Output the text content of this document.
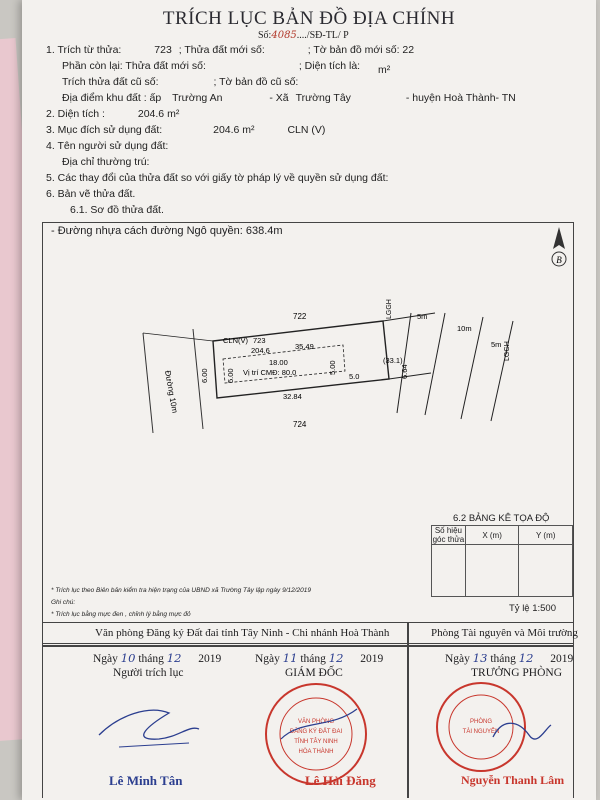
TRÍCH LỤC BẢN ĐỒ ĐỊA CHÍNH
Số:4085..../SĐ-TL/ P
1. Trích từ thửa:	723 ; Thửa đất mới số:	; Tờ bản đồ mới số: 22
Phần còn lại: Thửa đất mới số:	; Diện tích là: m²
Trích thửa đất cũ số:	; Tờ bản đồ cũ số:
Địa điểm khu đất : ấp Trường An	- Xã Trường Tây	- huyện Hoà Thành- TN
2. Diện tích :	204.6 m²
3. Mục đích sử dụng đất:	204.6 m²	CLN (V)
4. Tên người sử dụng đất:
Địa chỉ thường trú:
5. Các thay đổi của thửa đất so với giấy tờ pháp lý về quyền sử dụng đất:
6. Bản vẽ thửa đất.
6.1. Sơ đồ thửa đất.
- Đường nhựa cách đường Ngô quyền: 638.4m
B
Đường 10m
722
724
CLN(V) 723
204.6	35.49
32.84
6.00 5.00
5.00
18.00
Vị trí CMĐ: 80.0	5.0
(33.1)
6.64
LGGH
LGGH
5m
10m
5m
6.2 BẢNG KÊ TỌA ĐỘ
Số hiệu góc thửa	X (m)	Y (m)

* Trích lục theo Biên bản kiểm tra hiện trạng của UBND xã Trường Tây lập ngày 9/12/2019
Ghi chú:
* Trích lục bằng mực đen , chỉnh lý bằng mực đỏ
Tỷ lệ 1:500
Văn phòng Đăng ký Đất đai tỉnh Tây Ninh - Chi nhánh Hoà Thành	Phòng Tài nguyên và Môi trường
Ngày 10 tháng 12 2019
Người trích lục
Lê Minh Tân
Ngày 11 tháng 12 2019
GIÁM ĐỐC
VĂN PHÒNG
ĐĂNG KÝ ĐẤT ĐAI
TỈNH TÂY NINH
HÒA THÀNH
Lê Hải Đăng
Ngày 13 tháng 12 2019
TRƯỞNG PHÒNG
PHÒNG
TÀI NGUYÊN
Nguyễn Thanh Lâm
